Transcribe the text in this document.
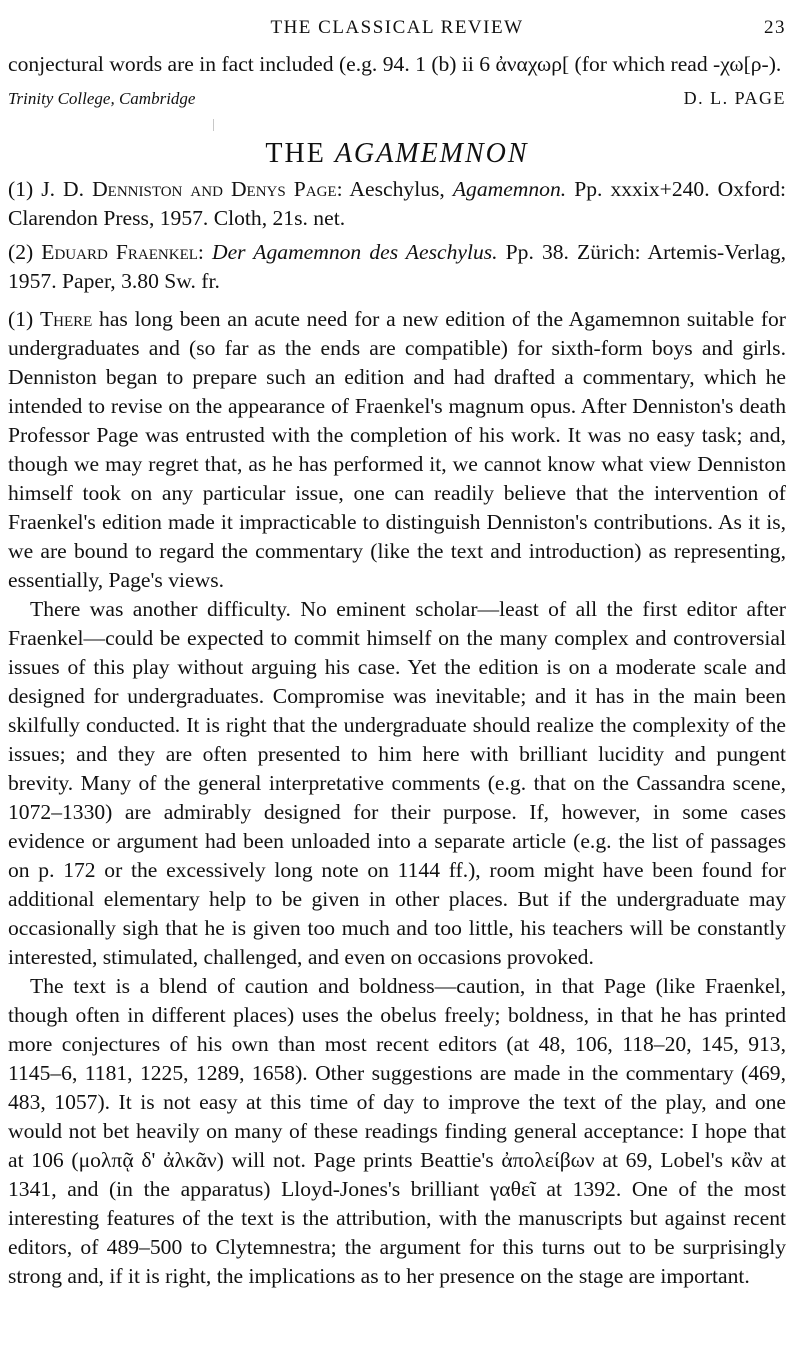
THE CLASSICAL REVIEW	23

conjectural words are in fact included (e.g. 94. 1 (b) ii 6 ἀναχωρ[ (for which read -χω[ρ-).

Trinity College, Cambridge	D. L. PAGE
THE AGAMEMNON

(1) J. D. Denniston and Denys Page: Aeschylus, Agamemnon. Pp. xxxix+240. Oxford: Clarendon Press, 1957. Cloth, 21s. net.

(2) Eduard Fraenkel: Der Agamemnon des Aeschylus. Pp. 38. Zürich: Artemis-Verlag, 1957. Paper, 3.80 Sw. fr.

(1) There has long been an acute need for a new edition of the Agamemnon suitable for undergraduates and (so far as the ends are compatible) for sixth-form boys and girls. Denniston began to prepare such an edition and had drafted a commentary, which he intended to revise on the appearance of Fraenkel's magnum opus. After Denniston's death Professor Page was entrusted with the completion of his work. It was no easy task; and, though we may regret that, as he has performed it, we cannot know what view Denniston himself took on any particular issue, one can readily believe that the intervention of Fraenkel's edition made it impracticable to distinguish Denniston's contributions. As it is, we are bound to regard the commentary (like the text and introduction) as representing, essentially, Page's views.

There was another difficulty. No eminent scholar—least of all the first editor after Fraenkel—could be expected to commit himself on the many complex and controversial issues of this play without arguing his case. Yet the edition is on a moderate scale and designed for undergraduates. Compromise was inevitable; and it has in the main been skilfully conducted. It is right that the undergraduate should realize the complexity of the issues; and they are often presented to him here with brilliant lucidity and pungent brevity. Many of the general interpretative comments (e.g. that on the Cassandra scene, 1072–1330) are admirably designed for their purpose. If, however, in some cases evidence or argument had been unloaded into a separate article (e.g. the list of passages on p. 172 or the excessively long note on 1144 ff.), room might have been found for additional elementary help to be given in other places. But if the undergraduate may occasionally sigh that he is given too much and too little, his teachers will be constantly interested, stimulated, challenged, and even on occasions provoked.

The text is a blend of caution and boldness—caution, in that Page (like Fraenkel, though often in different places) uses the obelus freely; boldness, in that he has printed more conjectures of his own than most recent editors (at 48, 106, 118–20, 145, 913, 1145–6, 1181, 1225, 1289, 1658). Other suggestions are made in the commentary (469, 483, 1057). It is not easy at this time of day to improve the text of the play, and one would not bet heavily on many of these readings finding general acceptance: I hope that at 106 (μολπᾷ δ' ἀλκᾶν) will not. Page prints Beattie's ἀπολείβων at 69, Lobel's κἂν at 1341, and (in the apparatus) Lloyd-Jones's brilliant γαθεῖ at 1392. One of the most interesting features of the text is the attribution, with the manuscripts but against recent editors, of 489–500 to Clytemnestra; the argument for this turns out to be surprisingly strong and, if it is right, the implications as to her presence on the stage are important.
